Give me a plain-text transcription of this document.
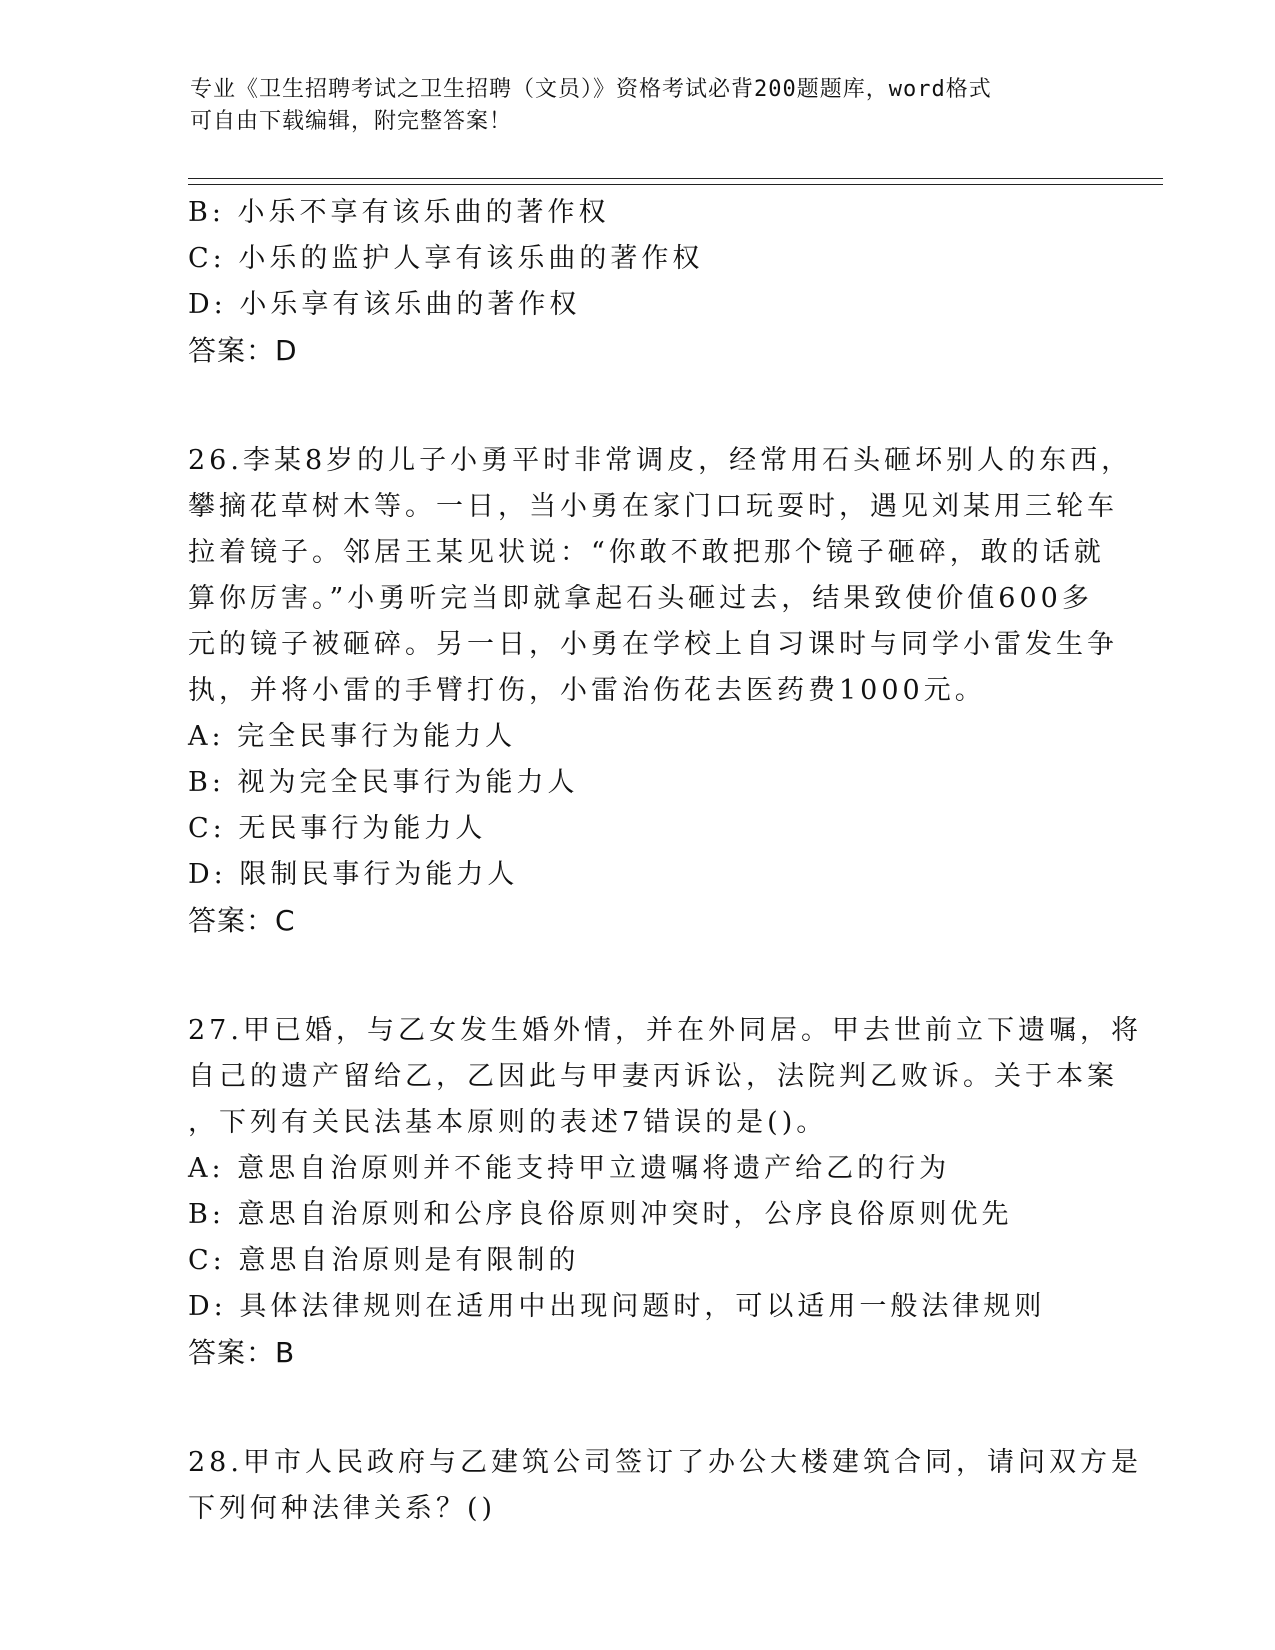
专业《卫生招聘考试之卫生招聘（文员）》资格考试必背200题题库，word格式
可自由下载编辑，附完整答案！
B: 小乐不享有该乐曲的著作权
C: 小乐的监护人享有该乐曲的著作权
D: 小乐享有该乐曲的著作权
答案：D
26.李某8岁的儿子小勇平时非常调皮，经常用石头砸坏别人的东西，
攀摘花草树木等。一日，当小勇在家门口玩耍时，遇见刘某用三轮车
拉着镜子。邻居王某见状说：“你敢不敢把那个镜子砸碎，敢的话就
算你厉害。”小勇听完当即就拿起石头砸过去，结果致使价值600多
元的镜子被砸碎。另一日，小勇在学校上自习课时与同学小雷发生争
执，并将小雷的手臂打伤，小雷治伤花去医药费1000元。
A: 完全民事行为能力人
B: 视为完全民事行为能力人
C: 无民事行为能力人
D: 限制民事行为能力人
答案：C
27.甲已婚，与乙女发生婚外情，并在外同居。甲去世前立下遗嘱，将
自己的遗产留给乙，乙因此与甲妻丙诉讼，法院判乙败诉。关于本案
，下列有关民法基本原则的表述7错误的是()。
A: 意思自治原则并不能支持甲立遗嘱将遗产给乙的行为
B: 意思自治原则和公序良俗原则冲突时，公序良俗原则优先
C: 意思自治原则是有限制的
D: 具体法律规则在适用中出现问题时，可以适用一般法律规则
答案：B
28.甲市人民政府与乙建筑公司签订了办公大楼建筑合同，请问双方是
下列何种法律关系？()
